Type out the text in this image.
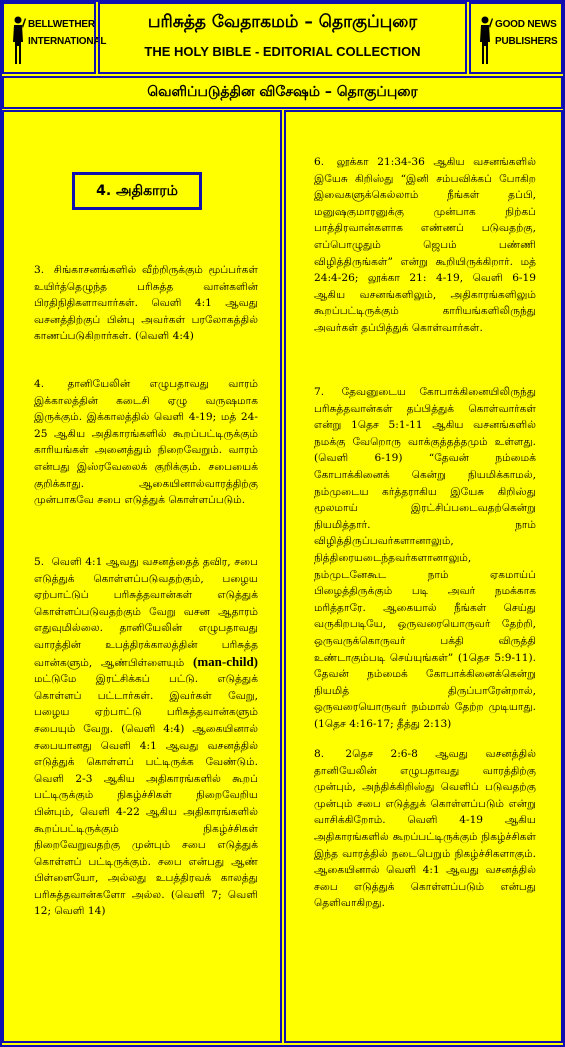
BELLWETHER
INTERNATIONAL
பரிசுத்த வேதாகமம் – தொகுப்புரை
THE HOLY BIBLE - EDITORIAL COLLECTION
GOOD NEWS
PUBLISHERS
வெளிப்படுத்தின விசேஷம் – தொகுப்புரை
4. அதிகாரம்
3. சிங்காசனங்களில் வீற்றிருக்கும் மூப்பர்கள் உயிர்த்தெழுந்த பரிசுத்த வான்களின் பிரதிநிதிகளாவார்கள். வெளி 4:1 ஆவது வசனத்திற்குப் பின்பு அவர்கள் பரலோகத்தில் காணப்படுகிறார்கள். (வெளி 4:4)
4. தானியேலின் எழுபதாவது வாரம் இக்காலத்தின் கடைசி ஏழு வருஷமாக இருக்கும். இக்காலத்தில் வெளி 4-19; மத் 24-25 ஆகிய அதிகாரங்களில் கூறப்பட்டிருக்கும் காரியங்கள் அனைத்தும் நிறைவேறும். வாரம் என்பது இஸ்ரவேலைக் குறிக்கும். சபையைக் குறிக்காது. ஆகையினால்வாரத்திற்கு முன்பாகவே சபை எடுத்துக் கொள்ளப்படும்.
5. வெளி 4:1 ஆவது வசனத்தைத் தவிர, சபை எடுத்துக் கொள்ளப்படுவதற்கும், பழைய ஏற்பாட்டுப் பரிசுத்தவான்கள் எடுத்துக் கொள்ளப்படுவதற்கும் வேறு வசன ஆதாரம் எதுவுமில்லை. தானியேலின் எழுபதாவது வாரத்தின் உபத்திரக்காலத்தின் பரிசுத்த வான்களும், ஆண்பிள்ளையும் (man-child) மட்டுமே இரட்சிக்கப் பட்டு. எடுத்துக் கொள்ளப் பட்டார்கள். இவர்கள் வேறு, பழைய ஏற்பாட்டு பரிசுத்தவான்களும் சபையும் வேறு. (வெளி 4:4) ஆகையினால் சபையானது வெளி 4:1 ஆவது வசனத்தில் எடுத்துக் கொள்ளப் பட்டிருக்க வேண்டும். வெளி 2-3 ஆகிய அதிகாரங்களில் கூறப் பட்டிருக்கும் நிகழ்ச்சிகள் நிறைவேறிய பின்பும், வெளி 4-22 ஆகிய அதிகாரங்களில் கூறப்பட்டிருக்கும் நிகழ்ச்சிகள் நிறைவேறுவதற்கு முன்பும் சபை எடுத்துக் கொள்ளப் பட்டிருக்கும். சபை என்பது ஆண் பிள்ளையோ, அல்லது உபத்திரவக் காலத்து பரிசுத்தவான்களோ அல்ல. (வெளி 7; வெளி 12; வெளி 14)
6. லூக்கா 21:34-36 ஆகிய வசனங்களில் இயேசு கிறிஸ்து “இனி சம்பவிக்கப் போகிற இவைகளுக்கெல்லாம் நீங்கள் தப்பி, மனுஷகுமாரனுக்கு முன்பாக நிற்கப் பாத்திரவான்களாக எண்ணப் படுவதற்கு, எப்பொழுதும் ஜெபம் பண்ணி விழித்திருங்கள்” என்று கூறியிருக்கிறார். மத் 24:4-26; லூக்கா 21: 4-19, வெளி 6-19 ஆகிய வசனங்களிலும், அதிகாரங்களிலும் கூறப்பட்டிருக்கும் காரியங்களிலிருந்து அவர்கள் தப்பித்துக் கொள்வார்கள்.
7. தேவனுடைய கோபாக்கினையிலிருந்து பரிசுத்தவான்கள் தப்பித்துக் கொள்வார்கள் என்று 1தெச 5:1-11 ஆகிய வசனங்களில் நமக்கு வேறொரு வாக்குத்தத்தமும் உள்ளது. (வெளி 6-19) “தேவன் நம்மைக் கோபாக்கினைக் கென்று நியமிக்காமல், நம்முடைய கர்த்தராகிய இயேசு கிறிஸ்து மூலமாய் இரட்சிப்படைவதற்கென்று நியமித்தார். நாம் விழித்திருப்பவர்களானாலும், நித்திரையடைந்தவர்களானாலும், நம்முடனேகூட நாம் ஏகமாய்ப் பிழைத்திருக்கும் படி அவர் நமக்காக மரித்தாரே. ஆகையால் நீங்கள் செய்து வருகிறபடியே, ஒருவரையொருவர் தேற்றி, ஒருவருக்கொருவர் பக்தி விருத்தி உண்டாகும்படி செய்யுங்கள்” (1தெச 5:9-11). தேவன் நம்மைக் கோபாக்கினைக்கென்று நியமித் திருப்பாரேன்றால், ஒருவரையொருவர் நம்மால் தேற்ற முடியாது. (1தெச 4:16-17; தீத்து 2:13)
8. 2தெச 2:6-8 ஆவது வசனத்தில் தானியேலின் எழுபதாவது வாரத்திற்கு முன்பும், அந்திக்கிறிஸ்து வெளிப் படுவதற்கு முன்பும் சபை எடுத்துக் கொள்ளப்படும் என்று வாசிக்கிறோம். வெளி 4-19 ஆகிய அதிகாரங்களில் கூறப்பட்டிருக்கும் நிகழ்ச்சிகள் இந்த வாரத்தில் நடைபெறும் நிகழ்ச்சிகளாகும். ஆகையினால் வெளி 4:1 ஆவது வசனத்தில் சபை எடுத்துக் கொள்ளப்படும் என்பது தெளிவாகிறது.
